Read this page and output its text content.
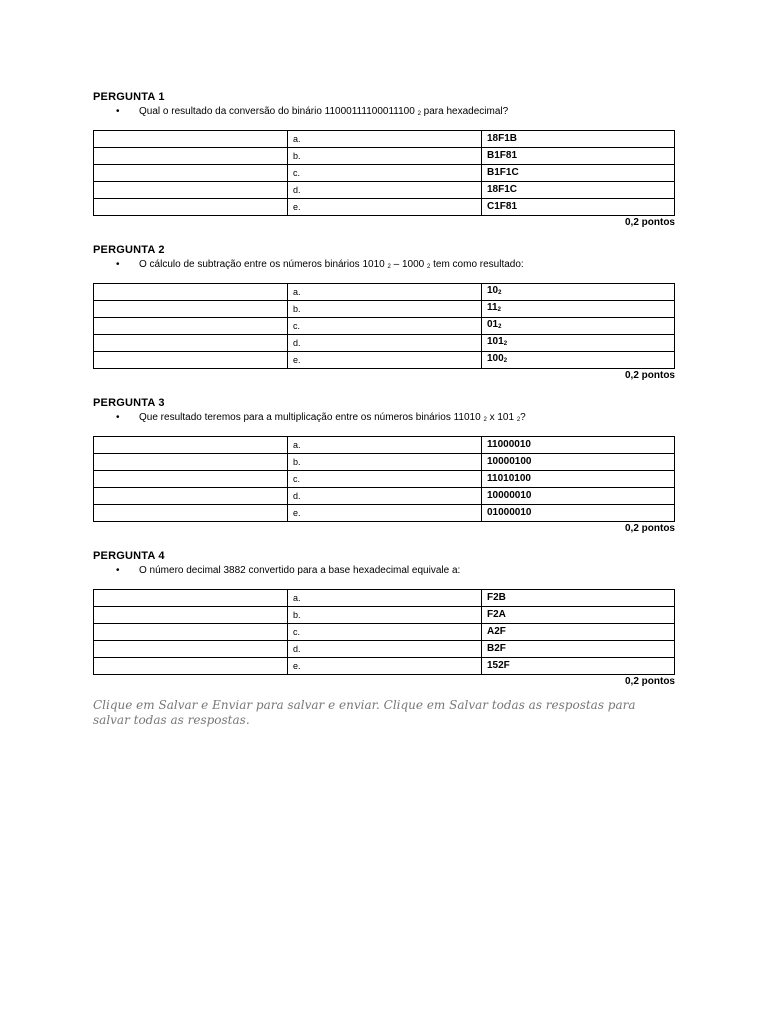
PERGUNTA 1
• Qual o resultado da conversão do binário 11000111100011100 $_2$ para hexadecimal?
	a.	18F1B
	b.	B1F81
	c.	B1F1C
	d.	18F1C
	e.	C1F81
0,2 pontos
PERGUNTA 2
• O cálculo de subtração entre os números binários 1010 $_2$ – 1000 $_2$ tem como resultado:
	a.	$10_2$
	b.	$11_2$
	c.	$01_2$
	d.	$101_2$
	e.	$100_2$
0,2 pontos
PERGUNTA 3
• Que resultado teremos para a multiplicação entre os números binários 11010 $_2$ x 101 $_2$?
	a.	11000010
	b.	10000100
	c.	11010100
	d.	10000010
	e.	01000010
0,2 pontos
PERGUNTA 4
• O número decimal 3882 convertido para a base hexadecimal equivale a:
	a.	F2B
	b.	F2A
	c.	A2F
	d.	B2F
	e.	152F
0,2 pontos
Clique em Salvar e Enviar para salvar e enviar. Clique em Salvar todas as respostas para salvar todas as respostas.
